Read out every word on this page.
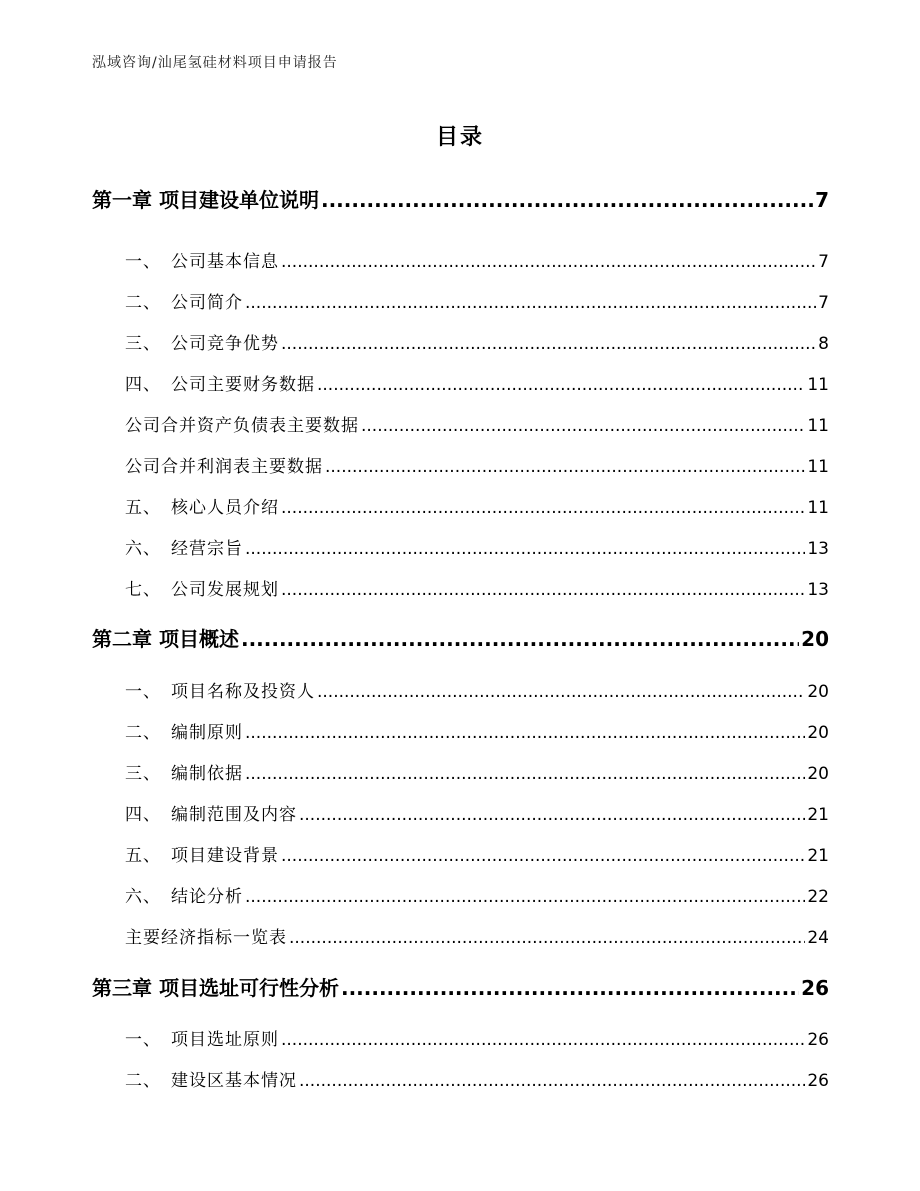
泓域咨询/汕尾氢硅材料项目申请报告
目录
第一章 项目建设单位说明 .....	7
一、 公司基本信息 .....	7
二、 公司简介 .....	7
三、 公司竞争优势 .....	8
四、 公司主要财务数据 .....	11
公司合并资产负债表主要数据 .....	11
公司合并利润表主要数据 .....	11
五、 核心人员介绍 .....	11
六、 经营宗旨 .....	13
七、 公司发展规划 .....	13
第二章 项目概述 .....	20
一、 项目名称及投资人 .....	20
二、 编制原则 .....	20
三、 编制依据 .....	20
四、 编制范围及内容 .....	21
五、 项目建设背景 .....	21
六、 结论分析 .....	22
主要经济指标一览表 .....	24
第三章 项目选址可行性分析 .....	26
一、 项目选址原则 .....	26
二、 建设区基本情况 .....	26
